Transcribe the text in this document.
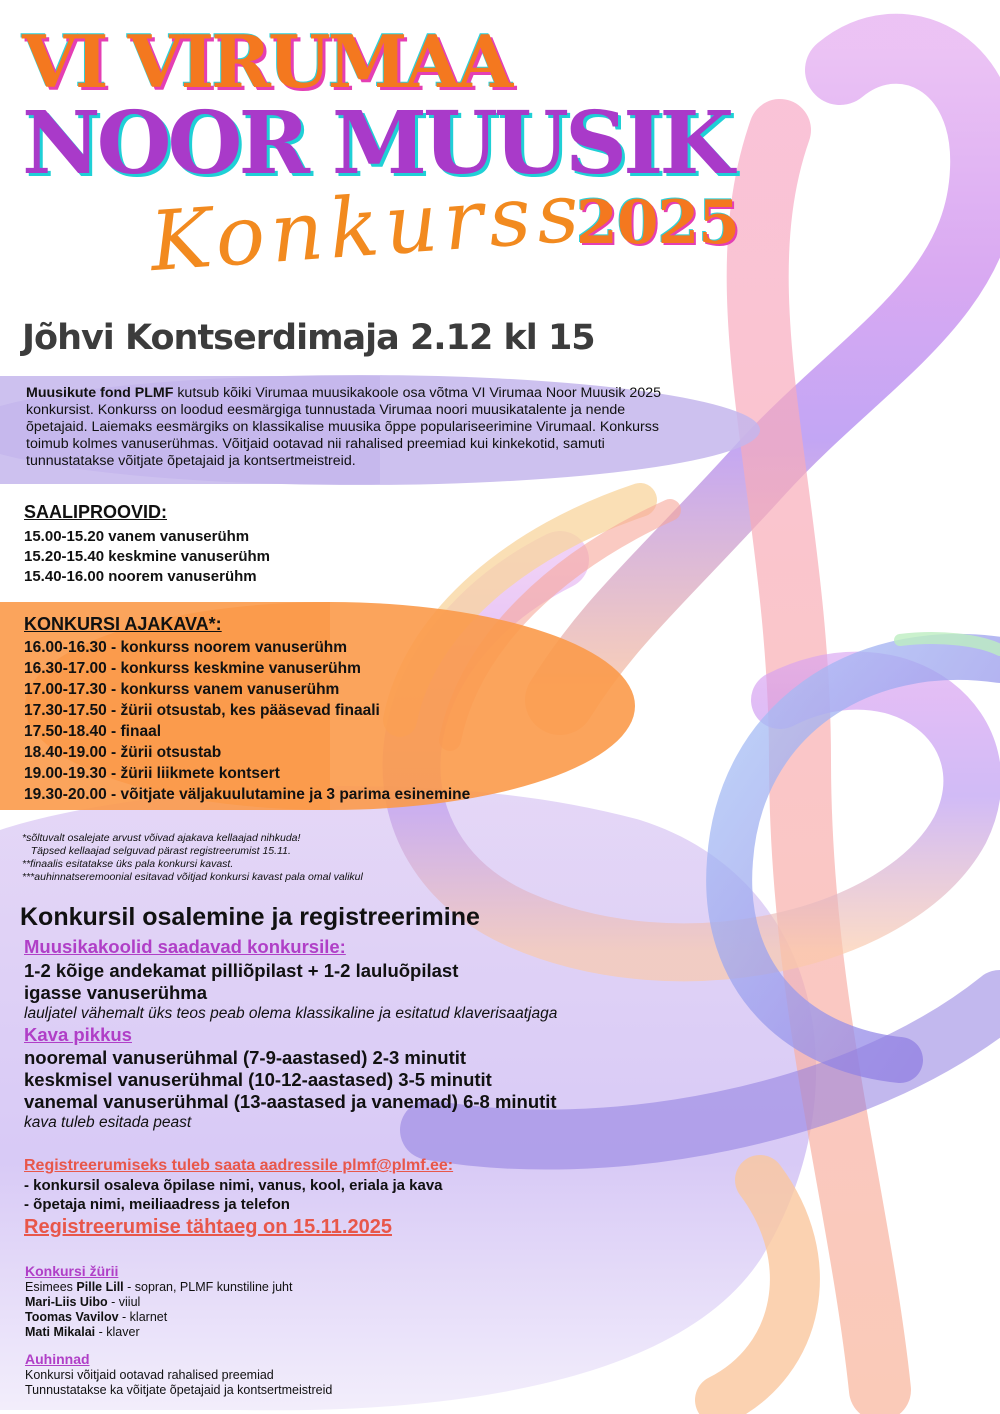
VI VIRUMAA
NOOR MUUSIK
Konkurss
2025
Jõhvi Kontserdimaja 2.12 kl 15
Muusikute fond PLMF kutsub kõiki Virumaa muusikakoole osa võtma VI Virumaa Noor Muusik 2025 konkursist. Konkurss on loodud eesmärgiga tunnustada Virumaa noori muusikatalente ja nende õpetajaid. Laiemaks eesmärgiks on klassikalise muusika õppe populariseerimine Virumaal. Konkurss toimub kolmes vanuserühmas. Võitjaid ootavad nii rahalised preemiad kui kinkekotid, samuti tunnustatakse võitjate õpetajaid ja kontsertmeistreid.
SAALIPROOVID:
15.00-15.20 vanem vanuserühm
15.20-15.40 keskmine vanuserühm
15.40-16.00 noorem vanuserühm
KONKURSI AJAKAVA*:
16.00-16.30 - konkurss noorem vanuserühm
16.30-17.00 - konkurss keskmine vanuserühm
17.00-17.30 - konkurss vanem vanuserühm
17.30-17.50 - žürii otsustab, kes pääsevad finaali
17.50-18.40 - finaal
18.40-19.00 - žürii otsustab
19.00-19.30 - žürii liikmete kontsert
19.30-20.00 - võitjate väljakuulutamine ja 3 parima esinemine
*sõltuvalt osalejate arvust võivad ajakava kellaajad nihkuda!
Täpsed kellaajad selguvad pärast registreerumist 15.11.
**finaalis esitatakse üks pala konkursi kavast.
***auhinnatseremoonial esitavad võitjad konkursi kavast pala omal valikul
Konkursil osalemine ja registreerimine
Muusikakoolid saadavad konkursile:
1-2 kõige andekamat pilliõpilast + 1-2 lauluõpilast
igasse vanuserühma
lauljatel vähemalt üks teos peab olema klassikaline ja esitatud klaverisaatjaga
Kava pikkus
nooremal vanuserühmal (7-9-aastased) 2-3 minutit
keskmisel vanuserühmal (10-12-aastased) 3-5 minutit
vanemal vanuserühmal (13-aastased ja vanemad) 6-8 minutit
kava tuleb esitada peast
Registreerumiseks tuleb saata aadressile plmf@plmf.ee:
- konkursil osaleva õpilase nimi, vanus, kool, eriala ja kava
- õpetaja nimi, meiliaadress ja telefon
Registreerumise tähtaeg on 15.11.2025
Konkursi žürii
Esimees Pille Lill - sopran, PLMF kunstiline juht
Mari-Liis Uibo - viiul
Toomas Vavilov - klarnet
Mati Mikalai - klaver
Auhinnad
Konkursi võitjaid ootavad rahalised preemiad
Tunnustatakse ka võitjate õpetajaid ja kontsertmeistreid
